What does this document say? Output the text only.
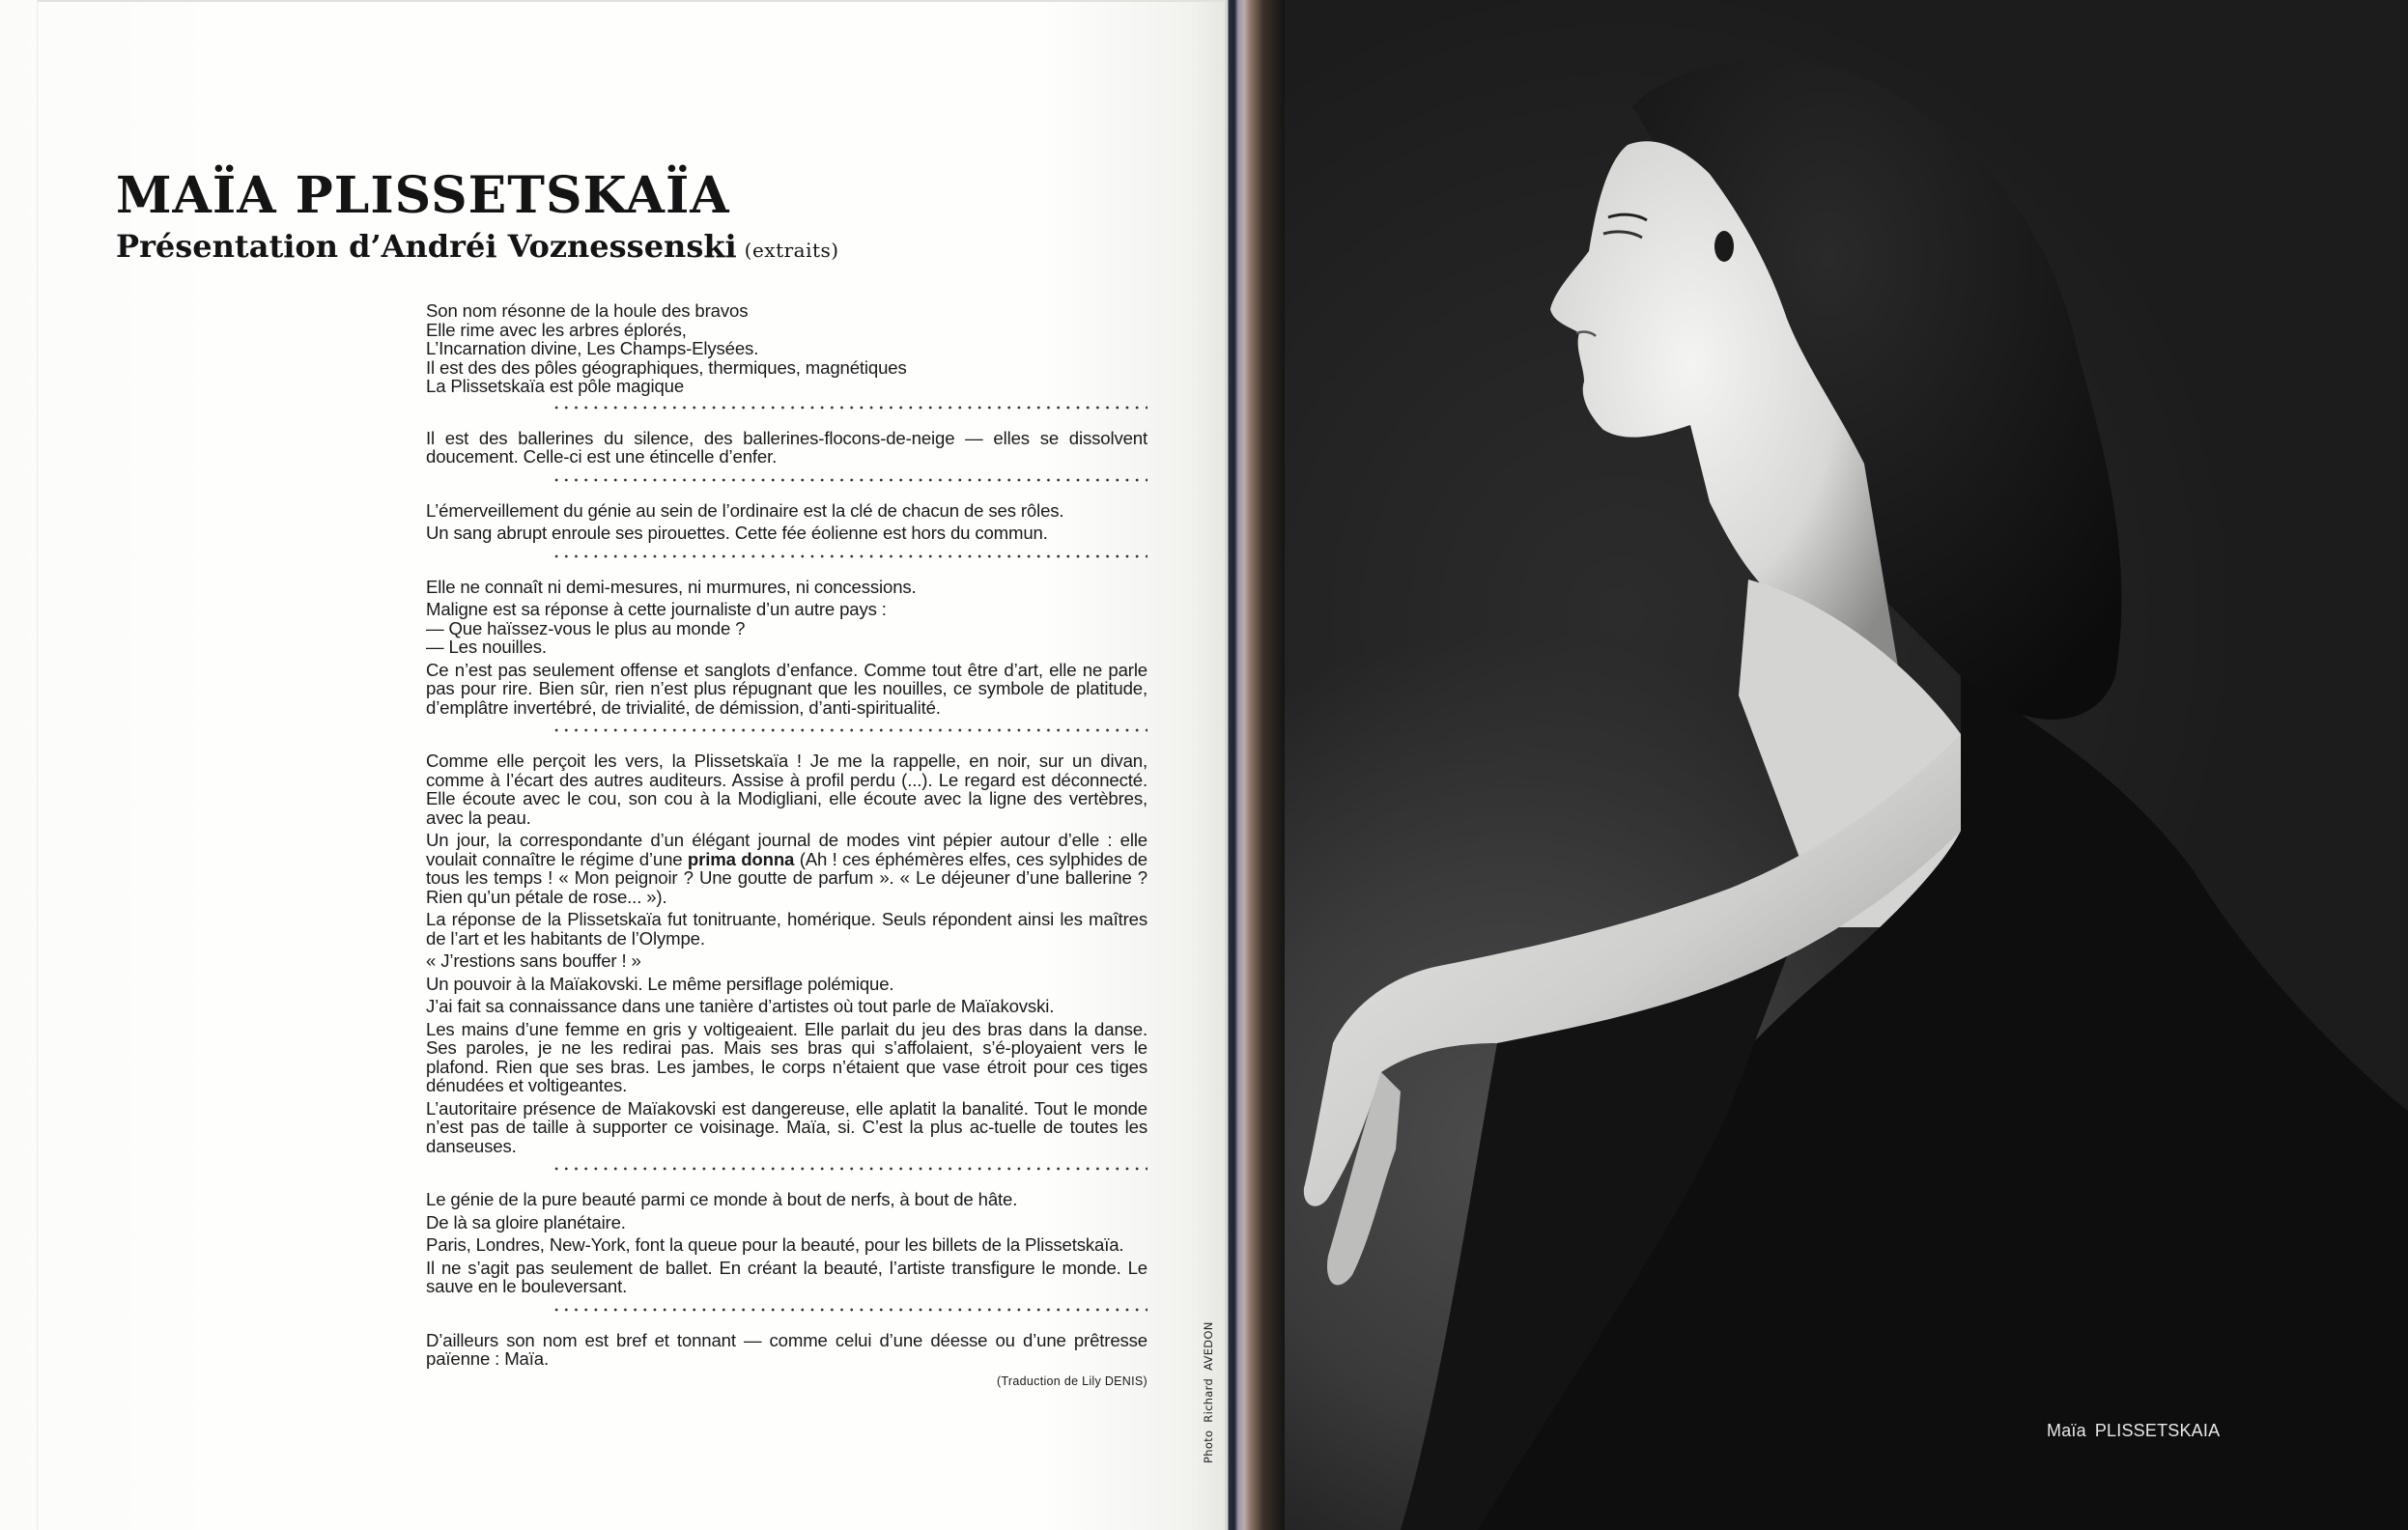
MAÏA PLISSETSKAÏA
Présentation d’Andréi Voznessenski (extraits)

Son nom résonne de la houle des bravos

Elle rime avec les arbres éplorés,

L’Incarnation divine, Les Champs-Elysées.

Il est des des pôles géographiques, thermiques, magnétiques

La Plissetskaïa est pôle magique

Il est des ballerines du silence, des ballerines-flocons-de-neige — elles se dissolvent doucement. Celle-ci est une étincelle d’enfer.

L’émerveillement du génie au sein de l’ordinaire est la clé de chacun de ses rôles.

Un sang abrupt enroule ses pirouettes. Cette fée éolienne est hors du commun.

Elle ne connaît ni demi-mesures, ni murmures, ni concessions.

Maligne est sa réponse à cette journaliste d’un autre pays :

— Que haïssez-vous le plus au monde ?

— Les nouilles.

Ce n’est pas seulement offense et sanglots d’enfance. Comme tout être d’art, elle ne parle pas pour rire. Bien sûr, rien n’est plus répugnant que les nouilles, ce symbole de platitude, d’emplâtre invertébré, de trivialité, de démission, d’anti-spiritualité.

Comme elle perçoit les vers, la Plissetskaïa ! Je me la rappelle, en noir, sur un divan, comme à l’écart des autres auditeurs. Assise à profil perdu (...). Le regard est déconnecté. Elle écoute avec le cou, son cou à la Modigliani, elle écoute avec la ligne des vertèbres, avec la peau.

Un jour, la correspondante d’un élégant journal de modes vint pépier autour d’elle : elle voulait connaître le régime d’une prima donna (Ah ! ces éphémères elfes, ces sylphides de tous les temps ! « Mon peignoir ? Une goutte de parfum ». « Le déjeuner d’une ballerine ? Rien qu’un pétale de rose... »).

La réponse de la Plissetskaïa fut tonitruante, homérique. Seuls répondent ainsi les maîtres de l’art et les habitants de l’Olympe.

« J’restions sans bouffer ! »

Un pouvoir à la Maïakovski. Le même persiflage polémique.

J’ai fait sa connaissance dans une tanière d’artistes où tout parle de Maïakovski.

Les mains d’une femme en gris y voltigeaient. Elle parlait du jeu des bras dans la danse. Ses paroles, je ne les redirai pas. Mais ses bras qui s’affolaient, s’é-ployaient vers le plafond. Rien que ses bras. Les jambes, le corps n’étaient que vase étroit pour ces tiges dénudées et voltigeantes.

L’autoritaire présence de Maïakovski est dangereuse, elle aplatit la banalité. Tout le monde n’est pas de taille à supporter ce voisinage. Maïa, si. C’est la plus ac-tuelle de toutes les danseuses.

Le génie de la pure beauté parmi ce monde à bout de nerfs, à bout de hâte.

De là sa gloire planétaire.

Paris, Londres, New-York, font la queue pour la beauté, pour les billets de la Plissetskaïa.

Il ne s’agit pas seulement de ballet. En créant la beauté, l’artiste transfigure le monde. Le sauve en le bouleversant.

D’ailleurs son nom est bref et tonnant — comme celui d’une déesse ou d’une prêtresse païenne : Maïa.

(Traduction de Lily DENIS)

PhotoRichardAVEDON
Maïa PLISSETSKAIA
